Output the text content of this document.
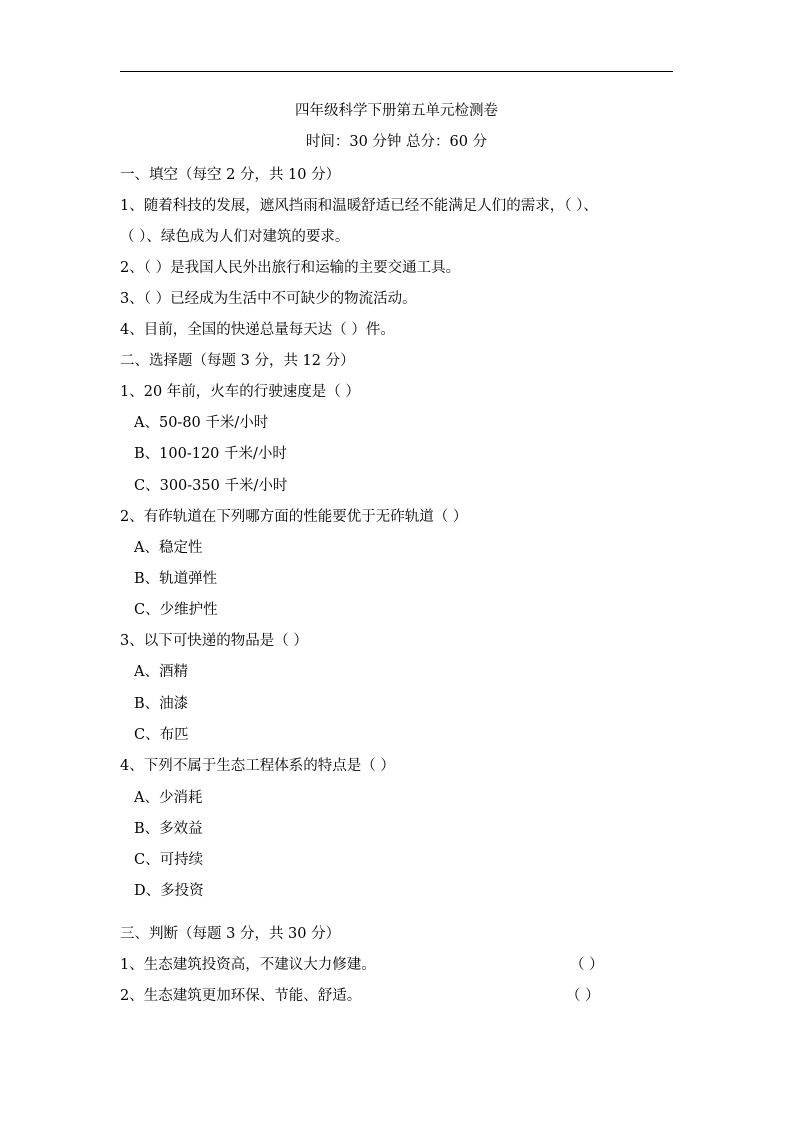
四年级科学下册第五单元检测卷
时间：30 分钟 总分：60 分
一、填空（每空 2 分，共 10 分）
1、随着科技的发展，遮风挡雨和温暖舒适已经不能满足人们的需求，（ ）、
（ ）、绿色成为人们对建筑的要求。
2、（ ）是我国人民外出旅行和运输的主要交通工具。
3、（ ）已经成为生活中不可缺少的物流活动。
4、目前，全国的快递总量每天达（ ）件。
二、选择题（每题 3 分，共 12 分）
1、20 年前，火车的行驶速度是（ ）
A、50-80 千米/小时
B、100-120 千米/小时
C、300-350 千米/小时
2、有砟轨道在下列哪方面的性能要优于无砟轨道（ ）
A、稳定性
B、轨道弹性
C、少维护性
3、以下可快递的物品是（ ）
A、酒精
B、油漆
C、布匹
4、下列不属于生态工程体系的特点是（ ）
A、少消耗
B、多效益
C、可持续
D、多投资
三、判断（每题 3 分，共 30 分）
1、生态建筑投资高，不建议大力修建。	（ ）
2、生态建筑更加环保、节能、舒适。	（ ）
